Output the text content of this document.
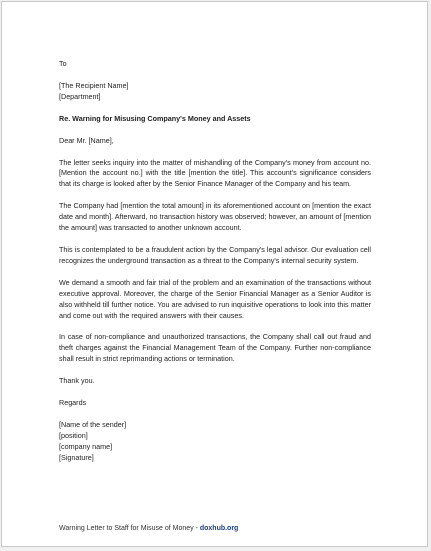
To
[The Recipient Name]
[Department]
Re. Warning for Misusing Company's Money and Assets
Dear Mr. [Name],

The letter seeks inquiry into the matter of mishandling of the Company's money from account no. [Mention the account no.] with the title [mention the title]. This account's significance considers that its charge is looked after by the Senior Finance Manager of the Company and his team.

The Company had [mention the total amount] in its aforementioned account on [mention the exact date and month]. Afterward, no transaction history was observed; however, an amount of [mention the amount] was transacted to another unknown account.

This is contemplated to be a fraudulent action by the Company's legal advisor. Our evaluation cell recognizes the underground transaction as a threat to the Company's internal security system.

We demand a smooth and fair trial of the problem and an examination of the transactions without executive approval. Moreover, the charge of the Senior Financial Manager as a Senior Auditor is also withheld till further notice. You are advised to run inquisitive operations to look into this matter and come out with the required answers with their causes.

In case of non-compliance and unauthorized transactions, the Company shall call out fraud and theft charges against the Financial Management Team of the Company. Further non-compliance shall result in strict reprimanding actions or termination.

Thank you.
Regards
[Name of the sender]
[position]
[company name]
[Signature]
Warning Letter to Staff for Misuse of Money - doxhub.org
